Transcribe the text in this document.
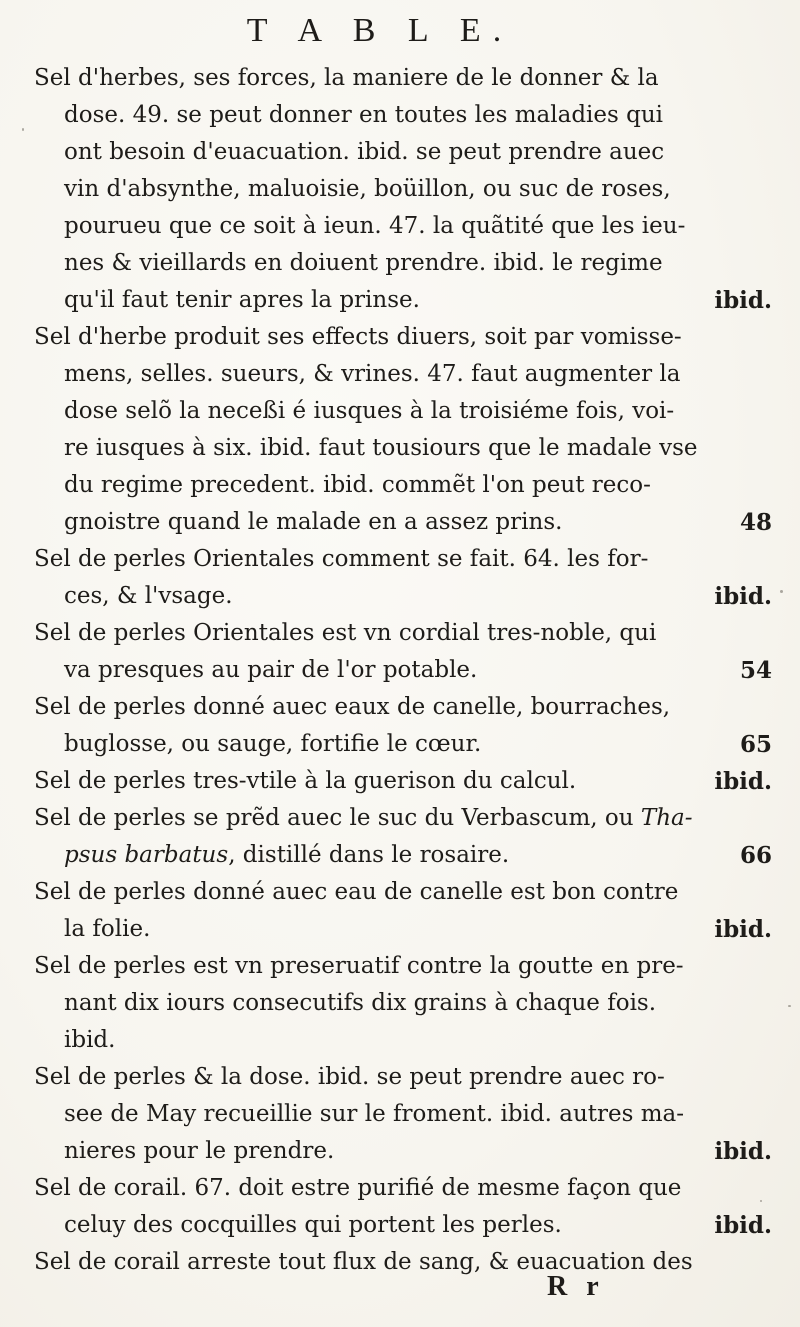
T A B L E.
Sel d'herbes, ses forces, la maniere de le donner & la
dose. 49. se peut donner en toutes les maladies qui
ont besoin d'euacuation. ibid. se peut prendre auec
vin d'absynthe, maluoisie, boüillon, ou suc de roses,
pourueu que ce soit à ieun. 47. la quãtité que les ieu-
nes & vieillards en doiuent prendre. ibid. le regime
qu'il faut tenir apres la prinse.	ibid.
Sel d'herbe produit ses effects diuers, soit par vomisse-
mens, selles. sueurs, & vrines. 47. faut augmenter la
dose selõ la neceßi é iusques à la troisiéme fois, voi-
re iusques à six. ibid. faut tousiours que le madale vse
du regime precedent. ibid. commẽt l'on peut reco-
gnoistre quand le malade en a assez prins.	48
Sel de perles Orientales comment se fait. 64. les for-
ces, & l'vsage.	ibid.
Sel de perles Orientales est vn cordial tres-noble, qui
va presques au pair de l'or potable.	54
Sel de perles donné auec eaux de canelle, bourraches,
buglosse, ou sauge, fortifie le cœur.	65
Sel de perles tres-vtile à la guerison du calcul.	ibid.
Sel de perles se prẽd auec le suc du Verbascum, ou Tha-
psus barbatus, distillé dans le rosaire.	66
Sel de perles donné auec eau de canelle est bon contre
la folie.	ibid.
Sel de perles est vn preseruatif contre la goutte en pre-
nant dix iours consecutifs dix grains à chaque fois.
ibid.
Sel de perles & la dose. ibid. se peut prendre auec ro-
see de May recueillie sur le froment. ibid. autres ma-
nieres pour le prendre.	ibid.
Sel de corail. 67. doit estre purifié de mesme façon que
celuy des cocquilles qui portent les perles.	ibid.
Sel de corail arreste tout flux de sang, & euacuation des
R r
